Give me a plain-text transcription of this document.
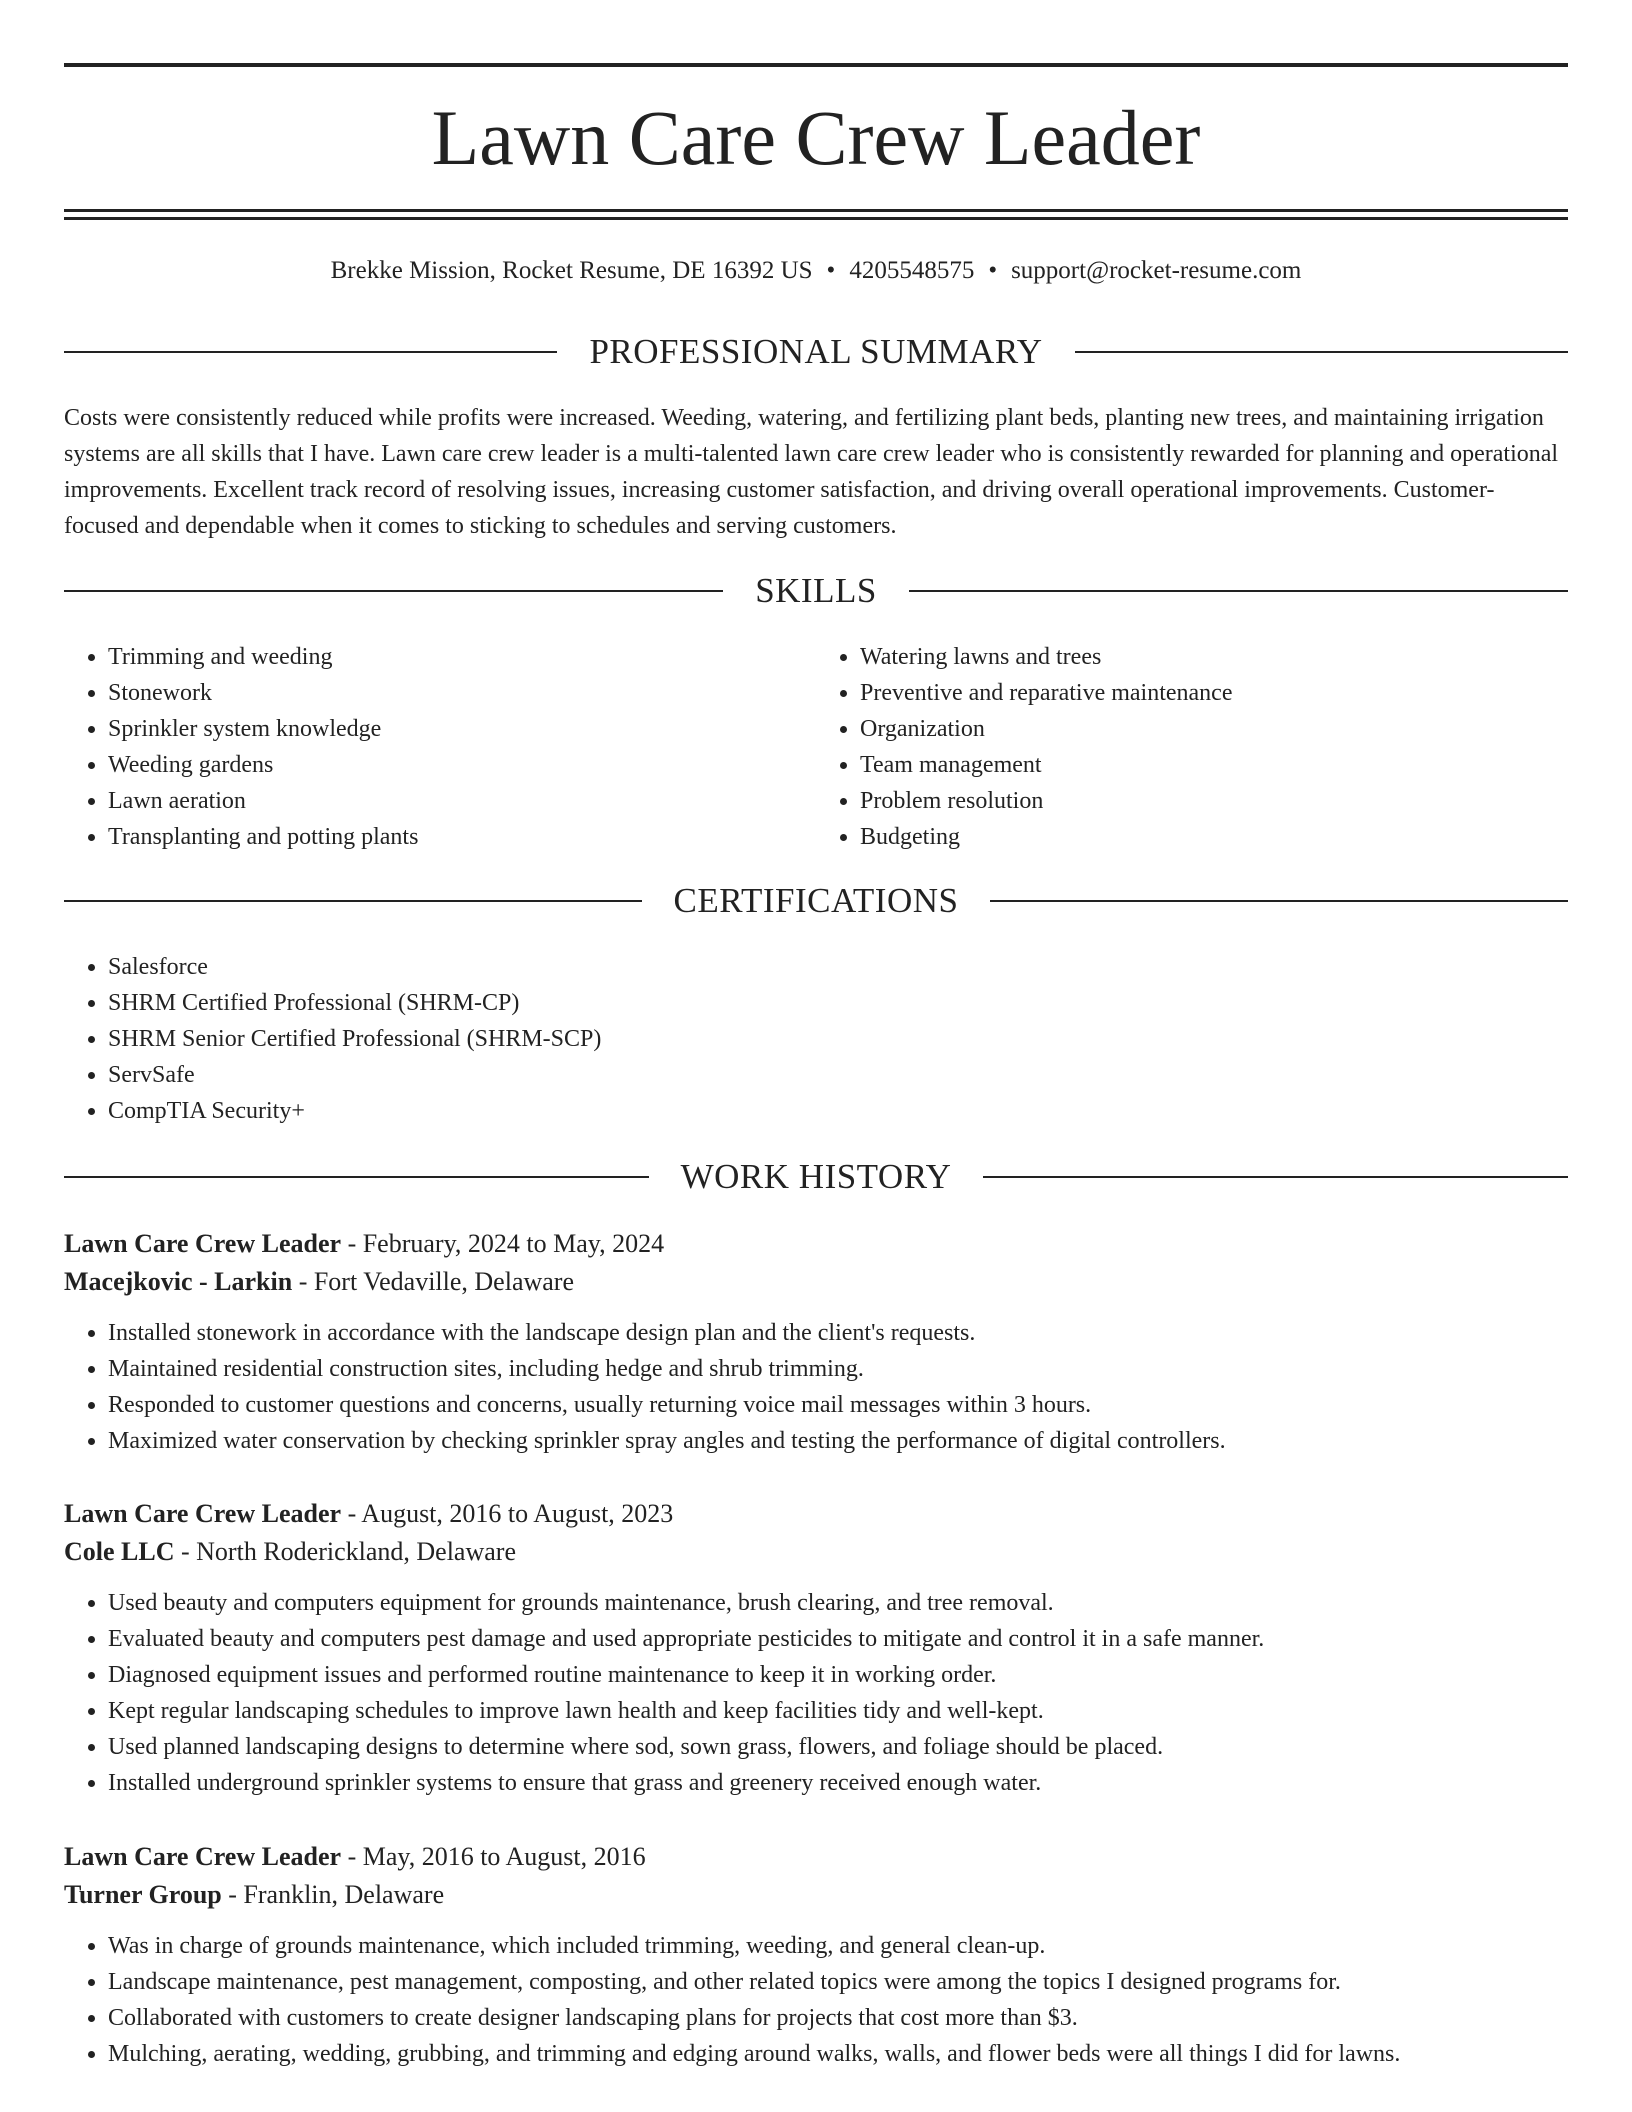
Lawn Care Crew Leader
Brekke Mission, Rocket Resume, DE 16392 US • 4205548575 • support@rocket-resume.com
PROFESSIONAL SUMMARY

Costs were consistently reduced while profits were increased. Weeding, watering, and fertilizing plant beds, planting new trees, and maintaining irrigation systems are all skills that I have. Lawn care crew leader is a multi-talented lawn care crew leader who is consistently rewarded for planning and operational improvements. Excellent track record of resolving issues, increasing customer satisfaction, and driving overall operational improvements. Customer-focused and dependable when it comes to sticking to schedules and serving customers.

SKILLS
• Trimming and weeding
• Stonework
• Sprinkler system knowledge
• Weeding gardens
• Lawn aeration
• Transplanting and potting plants
• Watering lawns and trees
• Preventive and reparative maintenance
• Organization
• Team management
• Problem resolution
• Budgeting
CERTIFICATIONS
• Salesforce
• SHRM Certified Professional (SHRM-CP)
• SHRM Senior Certified Professional (SHRM-SCP)
• ServSafe
• CompTIA Security+
WORK HISTORY
Lawn Care Crew Leader - February, 2024 to May, 2024
Macejkovic - Larkin - Fort Vedaville, Delaware
• Installed stonework in accordance with the landscape design plan and the client's requests.
• Maintained residential construction sites, including hedge and shrub trimming.
• Responded to customer questions and concerns, usually returning voice mail messages within 3 hours.
• Maximized water conservation by checking sprinkler spray angles and testing the performance of digital controllers.
Lawn Care Crew Leader - August, 2016 to August, 2023
Cole LLC - North Roderickland, Delaware
• Used beauty and computers equipment for grounds maintenance, brush clearing, and tree removal.
• Evaluated beauty and computers pest damage and used appropriate pesticides to mitigate and control it in a safe manner.
• Diagnosed equipment issues and performed routine maintenance to keep it in working order.
• Kept regular landscaping schedules to improve lawn health and keep facilities tidy and well-kept.
• Used planned landscaping designs to determine where sod, sown grass, flowers, and foliage should be placed.
• Installed underground sprinkler systems to ensure that grass and greenery received enough water.
Lawn Care Crew Leader - May, 2016 to August, 2016
Turner Group - Franklin, Delaware
• Was in charge of grounds maintenance, which included trimming, weeding, and general clean-up.
• Landscape maintenance, pest management, composting, and other related topics were among the topics I designed programs for.
• Collaborated with customers to create designer landscaping plans for projects that cost more than $3.
• Mulching, aerating, wedding, grubbing, and trimming and edging around walks, walls, and flower beds were all things I did for lawns.
